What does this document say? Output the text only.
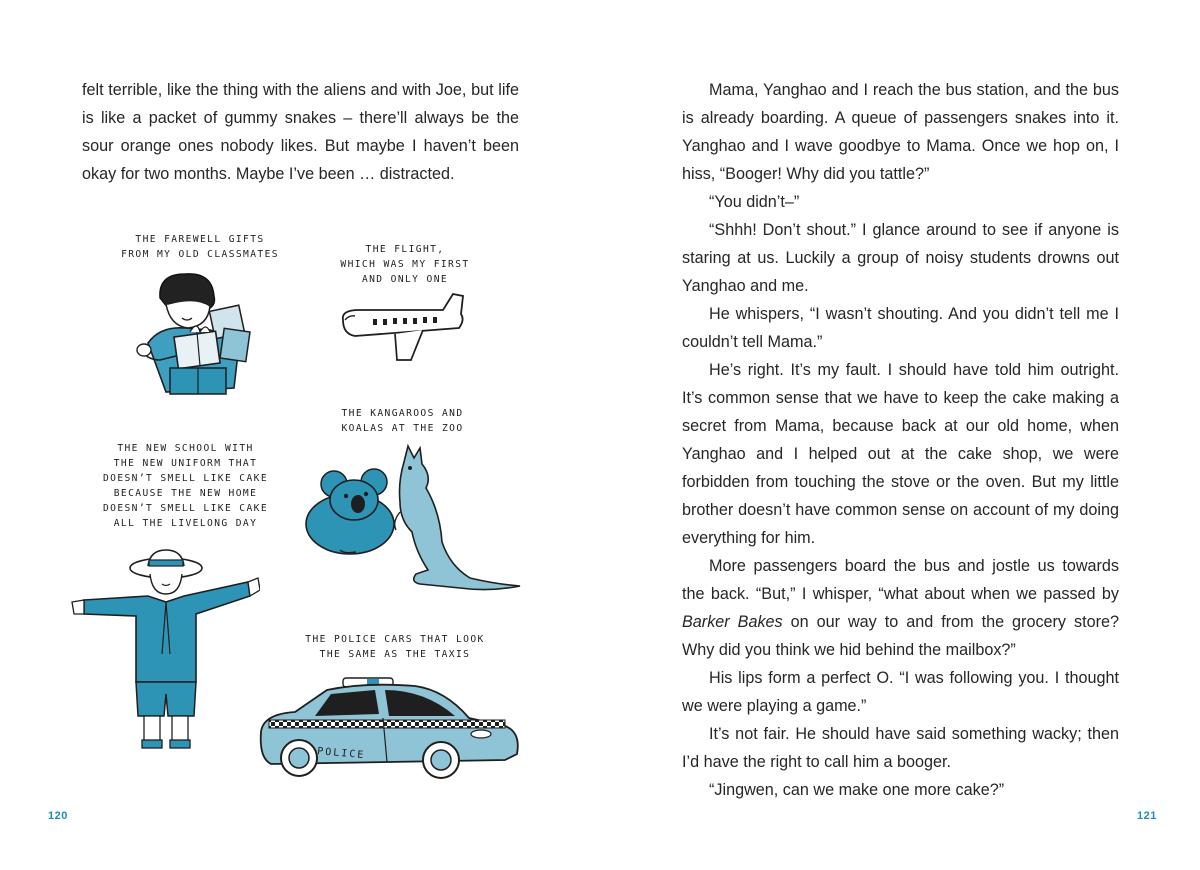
felt terrible, like the thing with the aliens and with Joe, but life is like a packet of gummy snakes – there’ll always be the sour orange ones nobody likes. But maybe I haven’t been okay for two months. Maybe I’ve been … distracted.

THE FAREWELL GIFTS
FROM MY OLD CLASSMATES	THE FLIGHT,
WHICH WAS MY FIRST
AND ONLY ONE
THE KANGAROOS AND
KOALAS AT THE ZOO
THE NEW SCHOOL WITH
THE NEW UNIFORM THAT
DOESN’T SMELL LIKE CAKE
BECAUSE THE NEW HOME
DOESN’T SMELL LIKE CAKE
ALL THE LIVELONG DAY
THE POLICE CARS THAT LOOK
THE SAME AS THE TAXIS
POLICE
120

Mama, Yanghao and I reach the bus station, and the bus is already boarding. A queue of passengers snakes into it. Yanghao and I wave goodbye to Mama. Once we hop on, I hiss, “Booger! Why did you tattle?”

“You didn’t–”

“Shhh! Don’t shout.” I glance around to see if anyone is staring at us. Luckily a group of noisy students drowns out Yanghao and me.

He whispers, “I wasn’t shouting. And you didn’t tell me I couldn’t tell Mama.”

He’s right. It’s my fault. I should have told him outright. It’s common sense that we have to keep the cake making a secret from Mama, because back at our old home, when Yanghao and I helped out at the cake shop, we were forbidden from touching the stove or the oven. But my little brother doesn’t have common sense on account of my doing everything for him.

More passengers board the bus and jostle us towards the back. “But,” I whisper, “what about when we passed by Barker Bakes on our way to and from the grocery store? Why did you think we hid behind the mailbox?”

His lips form a perfect O. “I was following you. I thought we were playing a game.”

It’s not fair. He should have said something wacky; then I’d have the right to call him a booger.

“Jingwen, can we make one more cake?”

121
